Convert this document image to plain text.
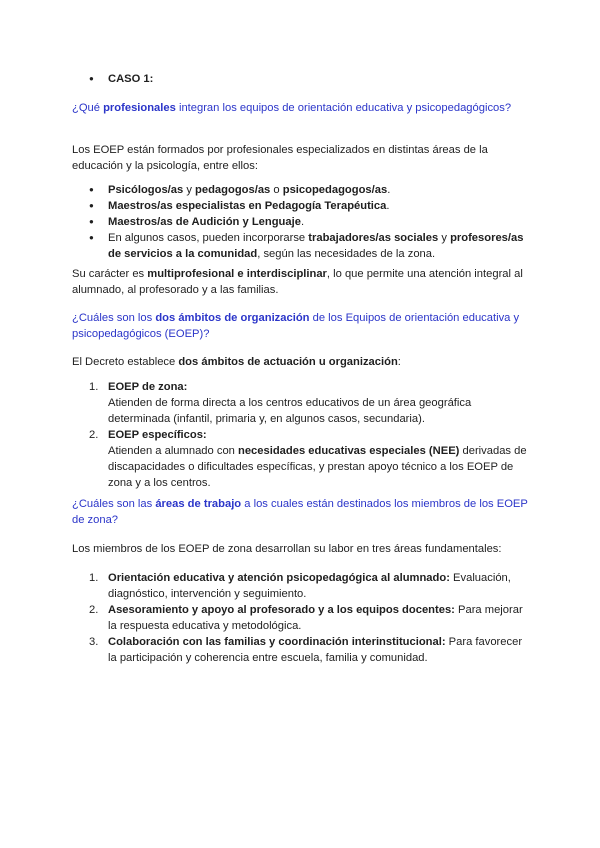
● CASO 1:

¿Qué profesionales integran los equipos de orientación educativa y psicopedagógicos?

Los EOEP están formados por profesionales especializados en distintas áreas de la educación y la psicología, entre ellos:

● Psicólogos/as y pedagogos/as o psicopedagogos/as.
● Maestros/as especialistas en Pedagogía Terapéutica.
● Maestros/as de Audición y Lenguaje.
● En algunos casos, pueden incorporarse trabajadores/as sociales y profesores/as de servicios a la comunidad, según las necesidades de la zona.

Su carácter es multiprofesional e interdisciplinar, lo que permite una atención integral al alumnado, al profesorado y a las familias.

¿Cuáles son los dos ámbitos de organización de los Equipos de orientación educativa y psicopedagógicos (EOEP)?

El Decreto establece dos ámbitos de actuación u organización:

1. EOEP de zona:
Atienden de forma directa a los centros educativos de un área geográfica determinada (infantil, primaria y, en algunos casos, secundaria).
2. EOEP específicos:
Atienden a alumnado con necesidades educativas especiales (NEE) derivadas de discapacidades o dificultades específicas, y prestan apoyo técnico a los EOEP de zona y a los centros.

¿Cuáles son las áreas de trabajo a los cuales están destinados los miembros de los EOEP de zona?

Los miembros de los EOEP de zona desarrollan su labor en tres áreas fundamentales:

1. Orientación educativa y atención psicopedagógica al alumnado: Evaluación, diagnóstico, intervención y seguimiento.
2. Asesoramiento y apoyo al profesorado y a los equipos docentes: Para mejorar la respuesta educativa y metodológica.
3. Colaboración con las familias y coordinación interinstitucional: Para favorecer la participación y coherencia entre escuela, familia y comunidad.
